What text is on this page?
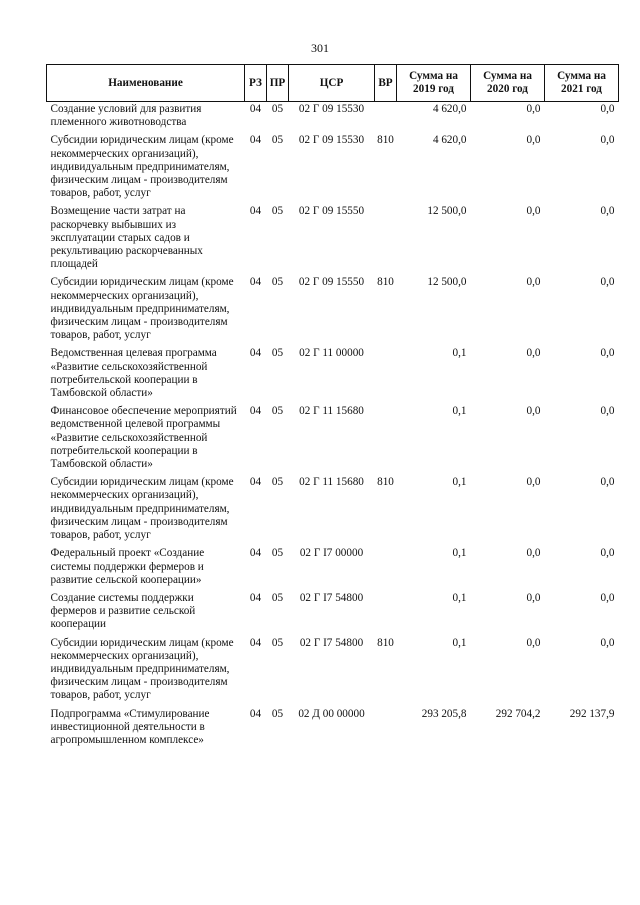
301
Наименование	РЗ	ПР	ЦСР	ВР	Сумма на 2019 год	Сумма на 2020 год	Сумма на 2021 год
Создание условий для развития племенного животноводства	04	05	02 Г 09 15530		4 620,0	0,0	0,0
Субсидии юридическим лицам (кроме некоммерческих организаций), индивидуальным предпринимателям, физическим лицам - производителям товаров, работ, услуг	04	05	02 Г 09 15530	810	4 620,0	0,0	0,0
Возмещение части затрат на раскорчевку выбывших из эксплуатации старых садов и рекультивацию раскорчеванных площадей	04	05	02 Г 09 15550		12 500,0	0,0	0,0
Субсидии юридическим лицам (кроме некоммерческих организаций), индивидуальным предпринимателям, физическим лицам - производителям товаров, работ, услуг	04	05	02 Г 09 15550	810	12 500,0	0,0	0,0
Ведомственная целевая программа «Развитие сельскохозяйственной потребительской кооперации в Тамбовской области»	04	05	02 Г 11 00000		0,1	0,0	0,0
Финансовое обеспечение мероприятий ведомственной целевой программы «Развитие сельскохозяйственной потребительской кооперации в Тамбовской области»	04	05	02 Г 11 15680		0,1	0,0	0,0
Субсидии юридическим лицам (кроме некоммерческих организаций), индивидуальным предпринимателям, физическим лицам - производителям товаров, работ, услуг	04	05	02 Г 11 15680	810	0,1	0,0	0,0
Федеральный проект «Создание системы поддержки фермеров и развитие сельской кооперации»	04	05	02 Г I7 00000		0,1	0,0	0,0
Создание системы поддержки фермеров и развитие сельской кооперации	04	05	02 Г I7 54800		0,1	0,0	0,0
Субсидии юридическим лицам (кроме некоммерческих организаций), индивидуальным предпринимателям, физическим лицам - производителям товаров, работ, услуг	04	05	02 Г I7 54800	810	0,1	0,0	0,0
Подпрограмма «Стимулирование инвестиционной деятельности в агропромышленном комплексе»	04	05	02 Д 00 00000		293 205,8	292 704,2	292 137,9
